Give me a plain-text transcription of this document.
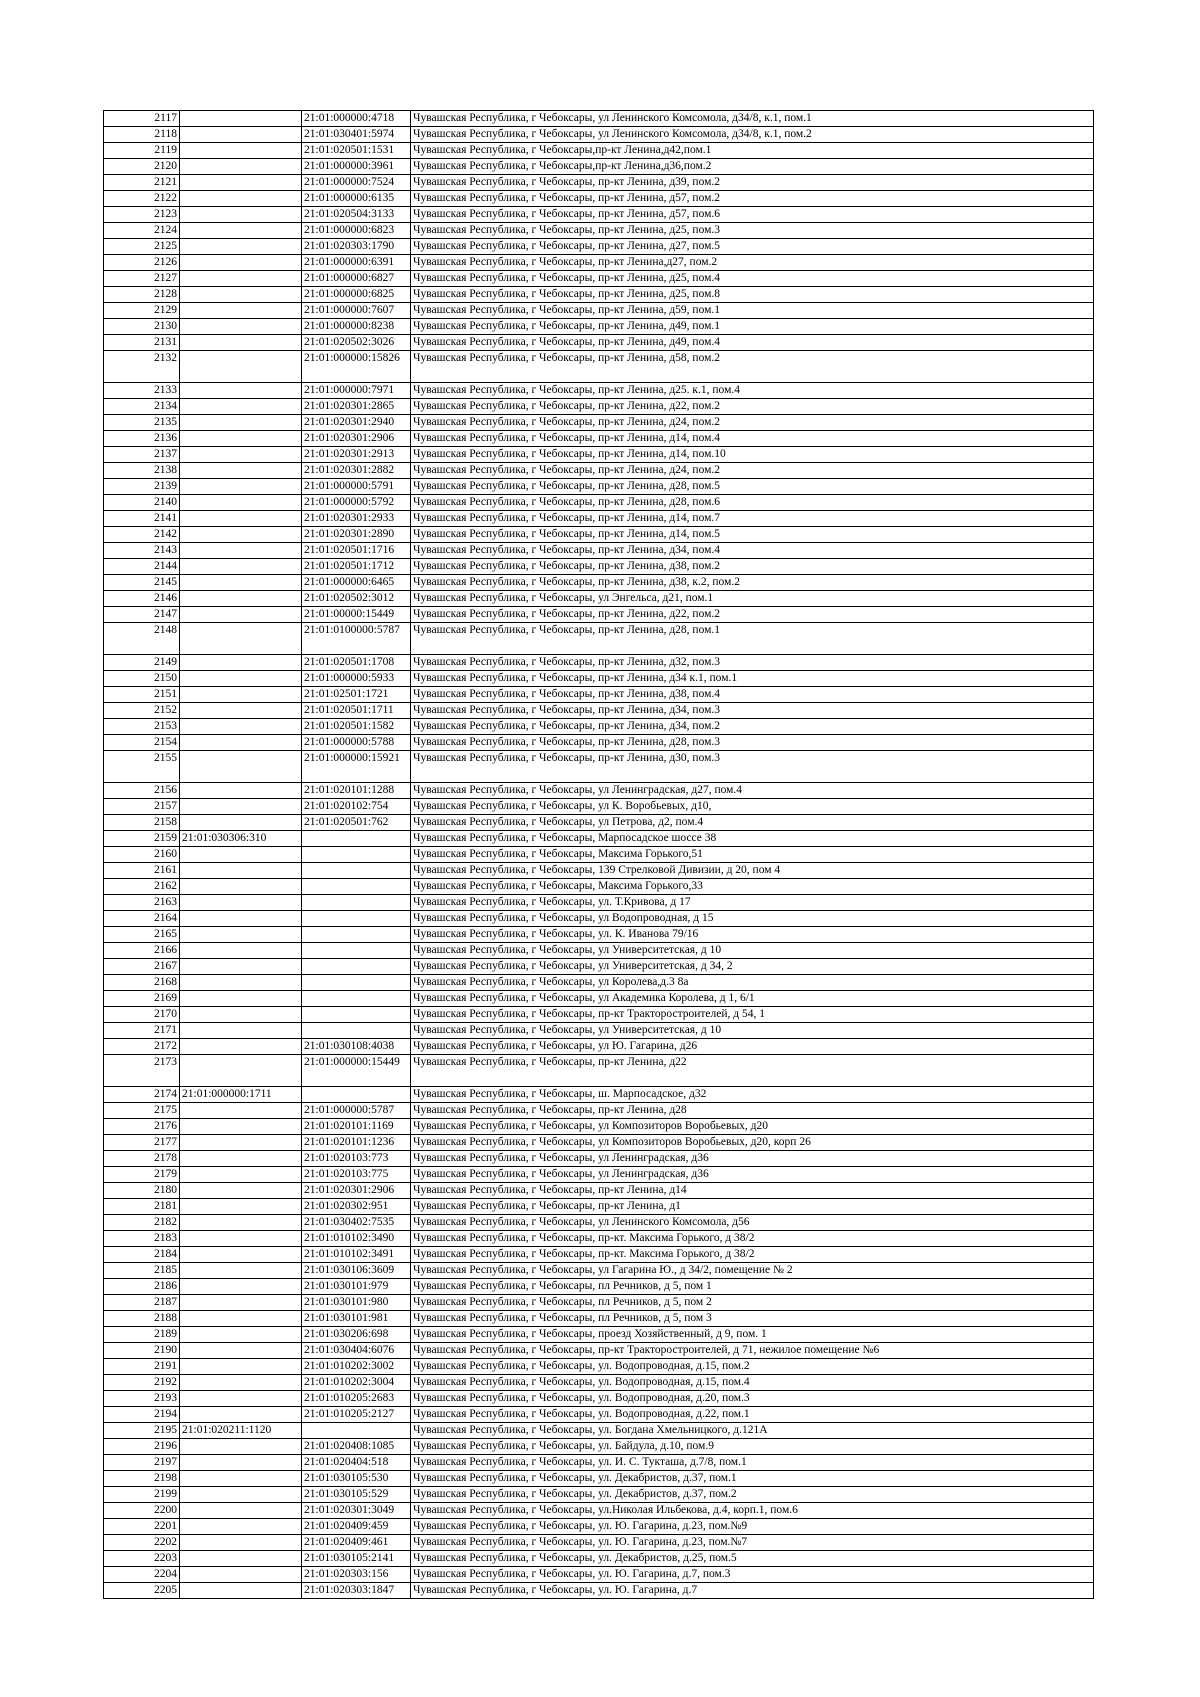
2117		21:01:000000:4718	Чувашская Республика, г Чебоксары, ул Ленинского Комсомола, д34/8, к.1, пом.1
2118		21:01:030401:5974	Чувашская Республика, г Чебоксары, ул Ленинского Комсомола, д34/8, к.1, пом.2
2119		21:01:020501:1531	Чувашская Республика, г Чебоксары,пр-кт Ленина,д42,пом.1
2120		21:01:000000:3961	Чувашская Республика, г Чебоксары,пр-кт Ленина,д36,пом.2
2121		21:01:000000:7524	Чувашская Республика, г Чебоксары, пр-кт Ленина, д39, пом.2
2122		21:01:000000:6135	Чувашская Республика, г Чебоксары, пр-кт Ленина, д57, пом.2
2123		21:01:020504:3133	Чувашская Республика, г Чебоксары, пр-кт Ленина, д57, пом.6
2124		21:01:000000:6823	Чувашская Республика, г Чебоксары, пр-кт Ленина, д25, пом.3
2125		21:01:020303:1790	Чувашская Республика, г Чебоксары, пр-кт Ленина, д27, пом.5
2126		21:01:000000:6391	Чувашская Республика, г Чебоксары, пр-кт Ленина,д27, пом.2
2127		21:01:000000:6827	Чувашская Республика, г Чебоксары, пр-кт Ленина, д25, пом.4
2128		21:01:000000:6825	Чувашская Республика, г Чебоксары, пр-кт Ленина, д25, пом.8
2129		21:01:000000:7607	Чувашская Республика, г Чебоксары, пр-кт Ленина, д59, пом.1
2130		21:01:000000:8238	Чувашская Республика, г Чебоксары, пр-кт Ленина, д49, пом.1
2131		21:01:020502:3026	Чувашская Республика, г Чебоксары, пр-кт Ленина, д49, пом.4
2132		21:01:000000:15826	Чувашская Республика, г Чебоксары, пр-кт Ленина, д58, пом.2
2133		21:01:000000:7971	Чувашская Республика, г Чебоксары, пр-кт Ленина, д25. к.1, пом.4
2134		21:01:020301:2865	Чувашская Республика, г Чебоксары, пр-кт Ленина, д22, пом.2
2135		21:01:020301:2940	Чувашская Республика, г Чебоксары, пр-кт Ленина, д24, пом.2
2136		21:01:020301:2906	Чувашская Республика, г Чебоксары, пр-кт Ленина, д14, пом.4
2137		21:01:020301:2913	Чувашская Республика, г Чебоксары, пр-кт Ленина, д14, пом.10
2138		21:01:020301:2882	Чувашская Республика, г Чебоксары, пр-кт Ленина, д24, пом.2
2139		21:01:000000:5791	Чувашская Республика, г Чебоксары, пр-кт Ленина, д28, пом.5
2140		21:01:000000:5792	Чувашская Республика, г Чебоксары, пр-кт Ленина, д28, пом.6
2141		21:01:020301:2933	Чувашская Республика, г Чебоксары, пр-кт Ленина, д14, пом.7
2142		21:01:020301:2890	Чувашская Республика, г Чебоксары, пр-кт Ленина, д14, пом.5
2143		21:01:020501:1716	Чувашская Республика, г Чебоксары, пр-кт Ленина, д34, пом.4
2144		21:01:020501:1712	Чувашская Республика, г Чебоксары, пр-кт Ленина, д38, пом.2
2145		21:01:000000:6465	Чувашская Республика, г Чебоксары, пр-кт Ленина, д38, к.2, пом.2
2146		21:01:020502:3012	Чувашская Республика, г Чебоксары, ул Энгельса, д21, пом.1
2147		21:01:00000:15449	Чувашская Республика, г Чебоксары, пр-кт Ленина, д22, пом.2
2148		21:01:0100000:5787	Чувашская Республика, г Чебоксары, пр-кт Ленина, д28, пом.1
2149		21:01:020501:1708	Чувашская Республика, г Чебоксары, пр-кт Ленина, д32, пом.3
2150		21:01:000000:5933	Чувашская Республика, г Чебоксары, пр-кт Ленина, д34 к.1, пом.1
2151		21:01:02501:1721	Чувашская Республика, г Чебоксары, пр-кт Ленина, д38, пом.4
2152		21:01:020501:1711	Чувашская Республика, г Чебоксары, пр-кт Ленина, д34, пом.3
2153		21:01:020501:1582	Чувашская Республика, г Чебоксары, пр-кт Ленина, д34, пом.2
2154		21:01:000000:5788	Чувашская Республика, г Чебоксары, пр-кт Ленина, д28, пом.3
2155		21:01:000000:15921	Чувашская Республика, г Чебоксары, пр-кт Ленина, д30, пом.3
2156		21:01:020101:1288	Чувашская Республика, г Чебоксары, ул Ленинградская, д27, пом.4
2157		21:01:020102:754	Чувашская Республика, г Чебоксары, ул К. Воробьевых, д10,
2158		21:01:020501:762	Чувашская Республика, г Чебоксары, ул Петрова, д2, пом.4
2159	21:01:030306:310		Чувашская Республика, г Чебоксары, Марпосадское шоссе 38
2160			Чувашская Республика, г Чебоксары, Максима Горького,51
2161			Чувашская Республика, г Чебоксары, 139 Стрелковой Дивизии, д 20, пом 4
2162			Чувашская Республика, г Чебоксары, Максима Горького,33
2163			Чувашская Республика, г Чебоксары, ул. Т.Кривова, д 17
2164			Чувашская Республика, г Чебоксары, ул Водопроводная, д 15
2165			Чувашская Республика, г Чебоксары, ул. К. Иванова 79/16
2166			Чувашская Республика, г Чебоксары, ул Университетская, д 10
2167			Чувашская Республика, г Чебоксары, ул Университетская, д 34, 2
2168			Чувашская Республика, г Чебоксары, ул Королева,д.3 8а
2169			Чувашская Республика, г Чебоксары, ул Академика Королева, д 1, 6/1
2170			Чувашская Республика, г Чебоксары, пр-кт Тракторостроителей, д 54, 1
2171			Чувашская Республика, г Чебоксары, ул Университетская, д 10
2172		21:01:030108:4038	Чувашская Республика, г Чебоксары, ул Ю. Гагарина, д26
2173		21:01:000000:15449	Чувашская Республика, г Чебоксары, пр-кт Ленина, д22
2174	21:01:000000:1711		Чувашская Республика, г Чебоксары, ш. Марпосадское, д32
2175		21:01:000000:5787	Чувашская Республика, г Чебоксары, пр-кт Ленина, д28
2176		21:01:020101:1169	Чувашская Республика, г Чебоксары, ул Композиторов Воробьевых, д20
2177		21:01:020101:1236	Чувашская Республика, г Чебоксары, ул Композиторов Воробьевых, д20, корп 26
2178		21:01:020103:773	Чувашская Республика, г Чебоксары, ул Ленинградская, д36
2179		21:01:020103:775	Чувашская Республика, г Чебоксары, ул Ленинградская, д36
2180		21:01:020301:2906	Чувашская Республика, г Чебоксары, пр-кт Ленина, д14
2181		21:01:020302:951	Чувашская Республика, г Чебоксары, пр-кт Ленина, д1
2182		21:01:030402:7535	Чувашская Республика, г Чебоксары, ул Ленинского Комсомола, д56
2183		21:01:010102:3490	Чувашская Республика, г Чебоксары, пр-кт. Максима Горького, д 38/2
2184		21:01:010102:3491	Чувашская Республика, г Чебоксары, пр-кт. Максима Горького, д 38/2
2185		21:01:030106:3609	Чувашская Республика, г Чебоксары, ул Гагарина Ю., д 34/2, помещение № 2
2186		21:01:030101:979	Чувашская Республика, г Чебоксары, пл Речников, д 5, пом 1
2187		21:01:030101:980	Чувашская Республика, г Чебоксары, пл Речников, д 5, пом 2
2188		21:01:030101:981	Чувашская Республика, г Чебоксары, пл Речников, д 5, пом 3
2189		21:01:030206:698	Чувашская Республика, г Чебоксары, проезд Хозяйственный, д 9, пом. 1
2190		21:01:030404:6076	Чувашская Республика, г Чебоксары, пр-кт Тракторостроителей, д 71, нежилое помещение №6
2191		21:01:010202:3002	Чувашская Республика, г Чебоксары, ул. Водопроводная, д.15, пом.2
2192		21:01:010202:3004	Чувашская Республика, г Чебоксары, ул. Водопроводная, д.15, пом.4
2193		21:01:010205:2683	Чувашская Республика, г Чебоксары, ул. Водопроводная, д.20, пом.3
2194		21:01:010205:2127	Чувашская Республика, г Чебоксары, ул. Водопроводная, д.22, пом.1
2195	21:01:020211:1120		Чувашская Республика, г Чебоксары, ул. Богдана Хмельницкого, д.121А
2196		21:01:020408:1085	Чувашская Республика, г Чебоксары, ул. Байдула, д.10, пом.9
2197		21:01:020404:518	Чувашская Республика, г Чебоксары, ул. И. С. Тукташа, д.7/8, пом.1
2198		21:01:030105:530	Чувашская Республика, г Чебоксары, ул. Декабристов, д.37, пом.1
2199		21:01:030105:529	Чувашская Республика, г Чебоксары, ул. Декабристов, д.37, пом.2
2200		21:01:020301:3049	Чувашская Республика, г Чебоксары, ул.Николая Ильбекова, д.4, корп.1, пом.6
2201		21:01:020409:459	Чувашская Республика, г Чебоксары, ул. Ю. Гагарина, д.23, пом.№9
2202		21:01:020409:461	Чувашская Республика, г Чебоксары, ул. Ю. Гагарина, д.23, пом.№7
2203		21:01:030105:2141	Чувашская Республика, г Чебоксары, ул. Декабристов, д.25, пом.5
2204		21:01:020303:156	Чувашская Республика, г Чебоксары, ул. Ю. Гагарина, д.7, пом.3
2205		21:01:020303:1847	Чувашская Республика, г Чебоксары, ул. Ю. Гагарина, д.7
